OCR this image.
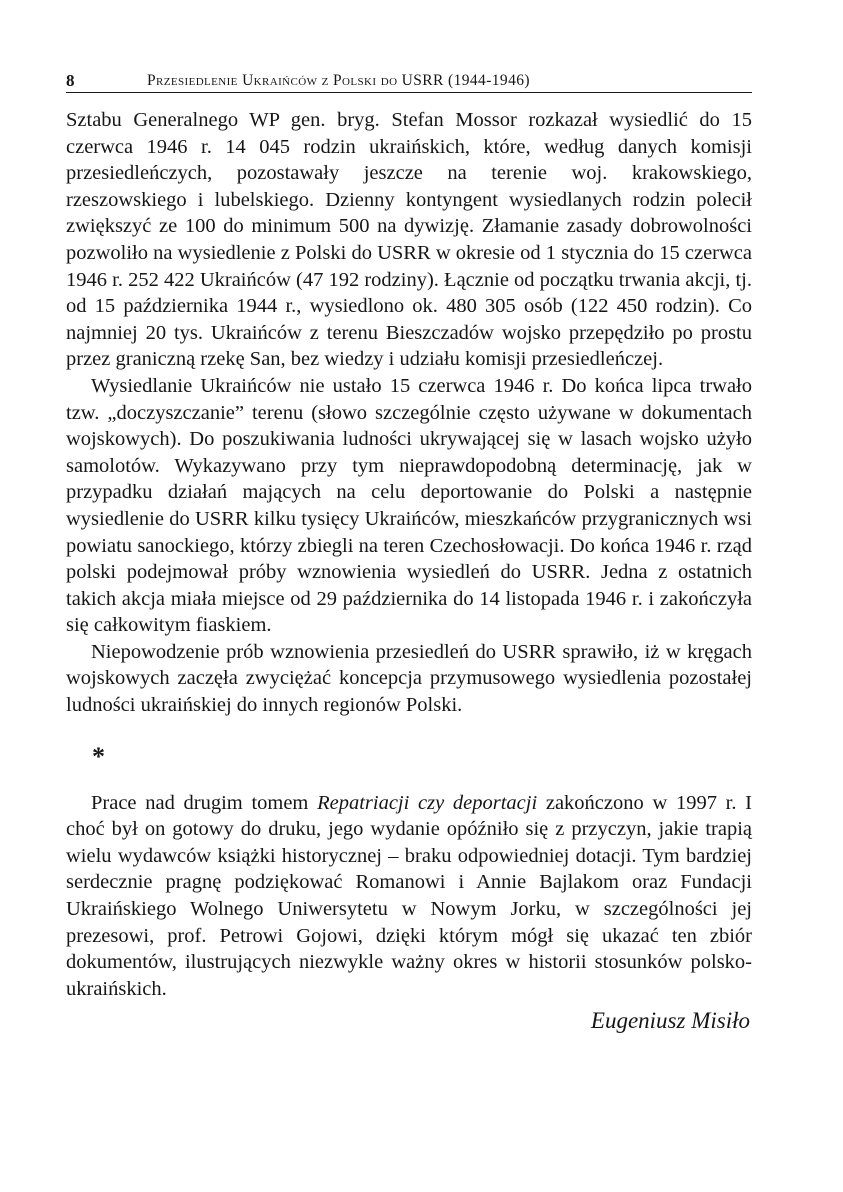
8	Przesiedlenie Ukraińców z Polski do USRR (1944-1946)

Sztabu Generalnego WP gen. bryg. Stefan Mossor rozkazał wysiedlić do 15 czerwca 1946 r. 14 045 rodzin ukraińskich, które, według danych komisji przesiedleńczych, pozostawały jeszcze na terenie woj. krakowskiego, rzeszowskiego i lubelskiego. Dzienny kontyngent wysiedlanych rodzin polecił zwiększyć ze 100 do minimum 500 na dywizję. Złamanie zasady dobrowolności pozwoliło na wysiedlenie z Polski do USRR w okresie od 1 stycznia do 15 czerwca 1946 r. 252 422 Ukraińców (47 192 rodziny). Łącznie od początku trwania akcji, tj. od 15 października 1944 r., wysiedlono ok. 480 305 osób (122 450 rodzin). Co najmniej 20 tys. Ukraińców z terenu Bieszczadów wojsko przepędziło po prostu przez graniczną rzekę San, bez wiedzy i udziału komisji przesiedleńczej.

Wysiedlanie Ukraińców nie ustało 15 czerwca 1946 r. Do końca lipca trwało tzw. „doczyszczanie” terenu (słowo szczególnie często używane w dokumentach wojskowych). Do poszukiwania ludności ukrywającej się w lasach wojsko użyło samolotów. Wykazywano przy tym nieprawdopodobną determinację, jak w przypadku działań mających na celu deportowanie do Polski a następnie wysiedlenie do USRR kilku tysięcy Ukraińców, mieszkańców przygranicznych wsi powiatu sanockiego, którzy zbiegli na teren Czechosłowacji. Do końca 1946 r. rząd polski podejmował próby wznowienia wysiedleń do USRR. Jedna z ostatnich takich akcja miała miejsce od 29 października do 14 listopada 1946 r. i zakończyła się całkowitym fiaskiem.

Niepowodzenie prób wznowienia przesiedleń do USRR sprawiło, iż w kręgach wojskowych zaczęła zwyciężać koncepcja przymusowego wysiedlenia pozostałej ludności ukraińskiej do innych regionów Polski.

*

Prace nad drugim tomem Repatriacji czy deportacji zakończono w 1997 r. I choć był on gotowy do druku, jego wydanie opóźniło się z przyczyn, jakie trapią wielu wydawców książki historycznej – braku odpowiedniej dotacji. Tym bardziej serdecznie pragnę podziękować Romanowi i Annie Bajlakom oraz Fundacji Ukraińskiego Wolnego Uniwersytetu w Nowym Jorku, w szczególności jej prezesowi, prof. Petrowi Gojowi, dzięki którym mógł się ukazać ten zbiór dokumentów, ilustrujących niezwykle ważny okres w historii stosunków polsko-ukraińskich.

Eugeniusz Misiło
